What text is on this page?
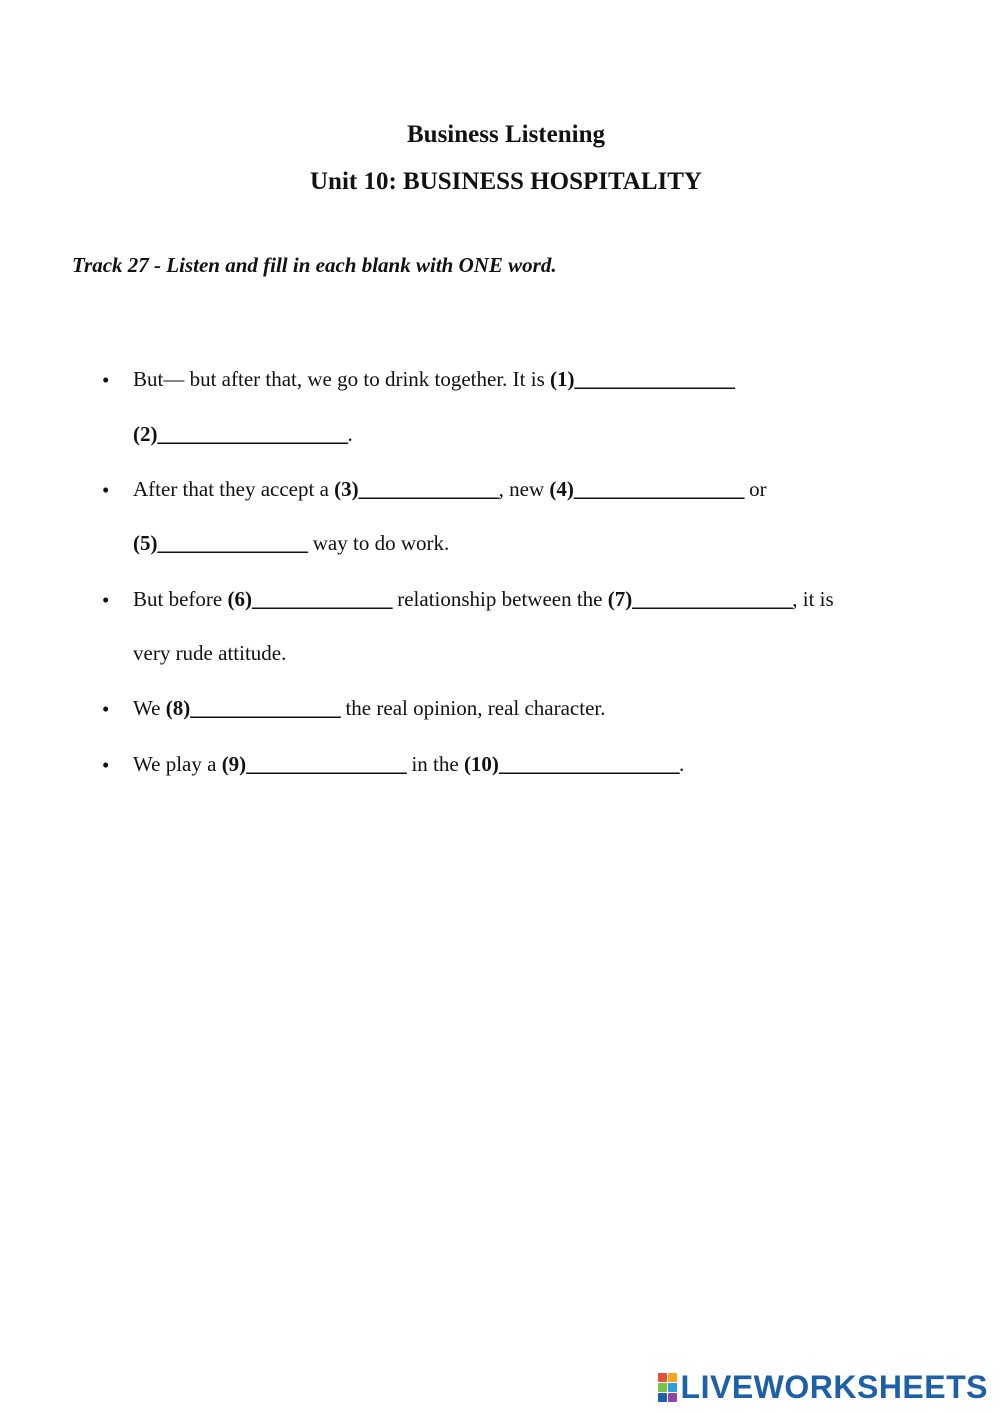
Business Listening
Unit 10: BUSINESS HOSPITALITY

Track 27 - Listen and fill in each blank with ONE word.

•

But— but after that, we go to drink together. It is (1)________________

(2)___________________.

•

After that they accept a (3)______________, new (4)_________________ or

(5)_______________ way to do work.

•

But before (6)______________ relationship between the (7)________________, it is

very rude attitude.

•

We (8)_______________ the real opinion, real character.

•

We play a (9)________________ in the (10)__________________.

LIVEWORKSHEETS
